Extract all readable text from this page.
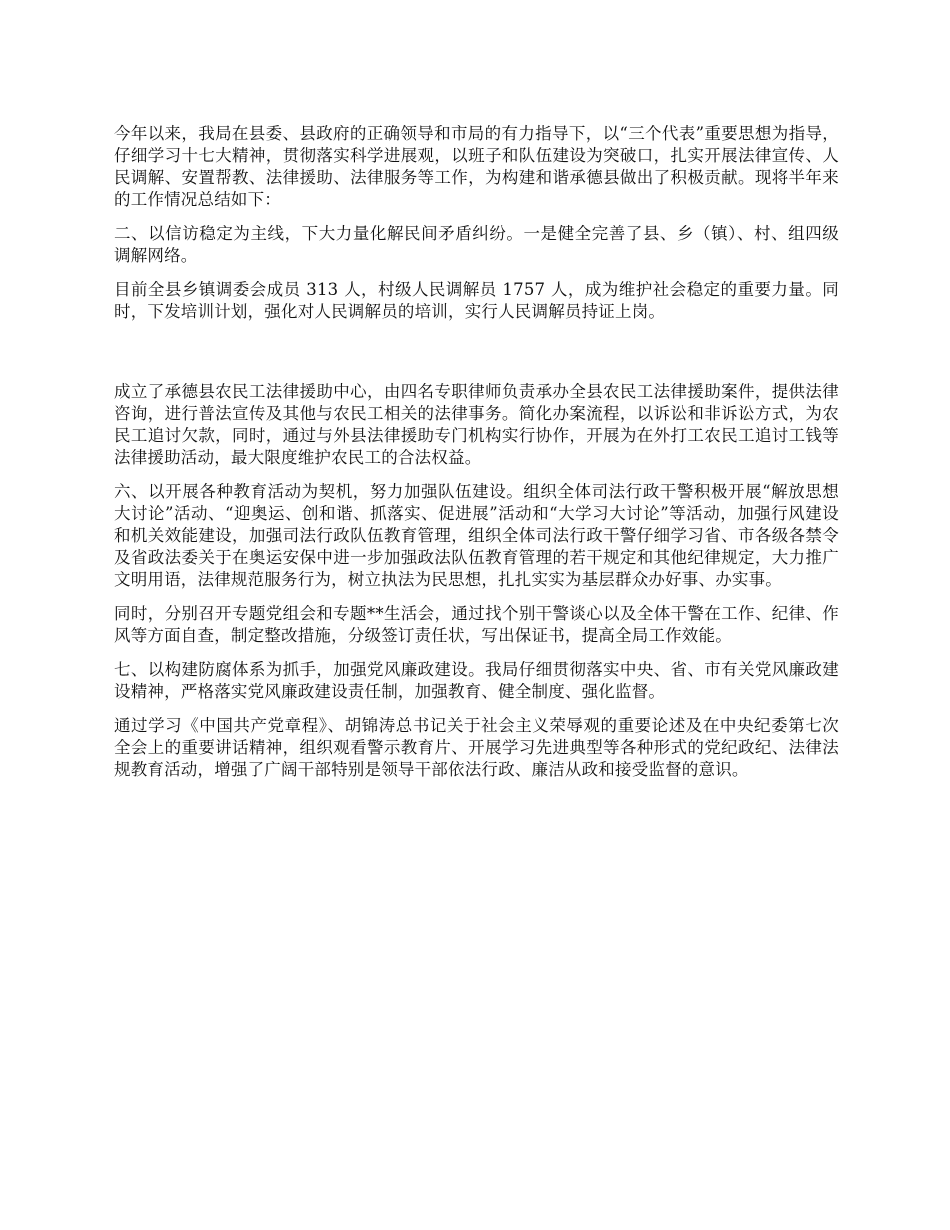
今年以来，我局在县委、县政府的正确领导和市局的有力指导下，以“三个代表”重要思想为指导，仔细学习十七大精神，贯彻落实科学进展观，以班子和队伍建设为突破口，扎实开展法律宣传、人民调解、安置帮教、法律援助、法律服务等工作，为构建和谐承德县做出了积极贡献。现将半年来的工作情况总结如下：

二、以信访稳定为主线，下大力量化解民间矛盾纠纷。一是健全完善了县、乡（镇）、村、组四级调解网络。

目前全县乡镇调委会成员 313 人，村级人民调解员 1757 人，成为维护社会稳定的重要力量。同时，下发培训计划，强化对人民调解员的培训，实行人民调解员持证上岗。

成立了承德县农民工法律援助中心，由四名专职律师负责承办全县农民工法律援助案件，提供法律咨询，进行普法宣传及其他与农民工相关的法律事务。简化办案流程，以诉讼和非诉讼方式，为农民工追讨欠款，同时，通过与外县法律援助专门机构实行协作，开展为在外打工农民工追讨工钱等法律援助活动，最大限度维护农民工的合法权益。

六、以开展各种教育活动为契机，努力加强队伍建设。组织全体司法行政干警积极开展“解放思想大讨论”活动、“迎奥运、创和谐、抓落实、促进展”活动和“大学习大讨论”等活动，加强行风建设和机关效能建设，加强司法行政队伍教育管理，组织全体司法行政干警仔细学习省、市各级各禁令及省政法委关于在奥运安保中进一步加强政法队伍教育管理的若干规定和其他纪律规定，大力推广文明用语，法律规范服务行为，树立执法为民思想，扎扎实实为基层群众办好事、办实事。

同时，分别召开专题党组会和专题**生活会，通过找个别干警谈心以及全体干警在工作、纪律、作风等方面自查，制定整改措施，分级签订责任状，写出保证书，提高全局工作效能。

七、以构建防腐体系为抓手，加强党风廉政建设。我局仔细贯彻落实中央、省、市有关党风廉政建设精神，严格落实党风廉政建设责任制，加强教育、健全制度、强化监督。

通过学习《中国共产党章程》、胡锦涛总书记关于社会主义荣辱观的重要论述及在中央纪委第七次全会上的重要讲话精神，组织观看警示教育片、开展学习先进典型等各种形式的党纪政纪、法律法规教育活动，增强了广阔干部特别是领导干部依法行政、廉洁从政和接受监督的意识。
